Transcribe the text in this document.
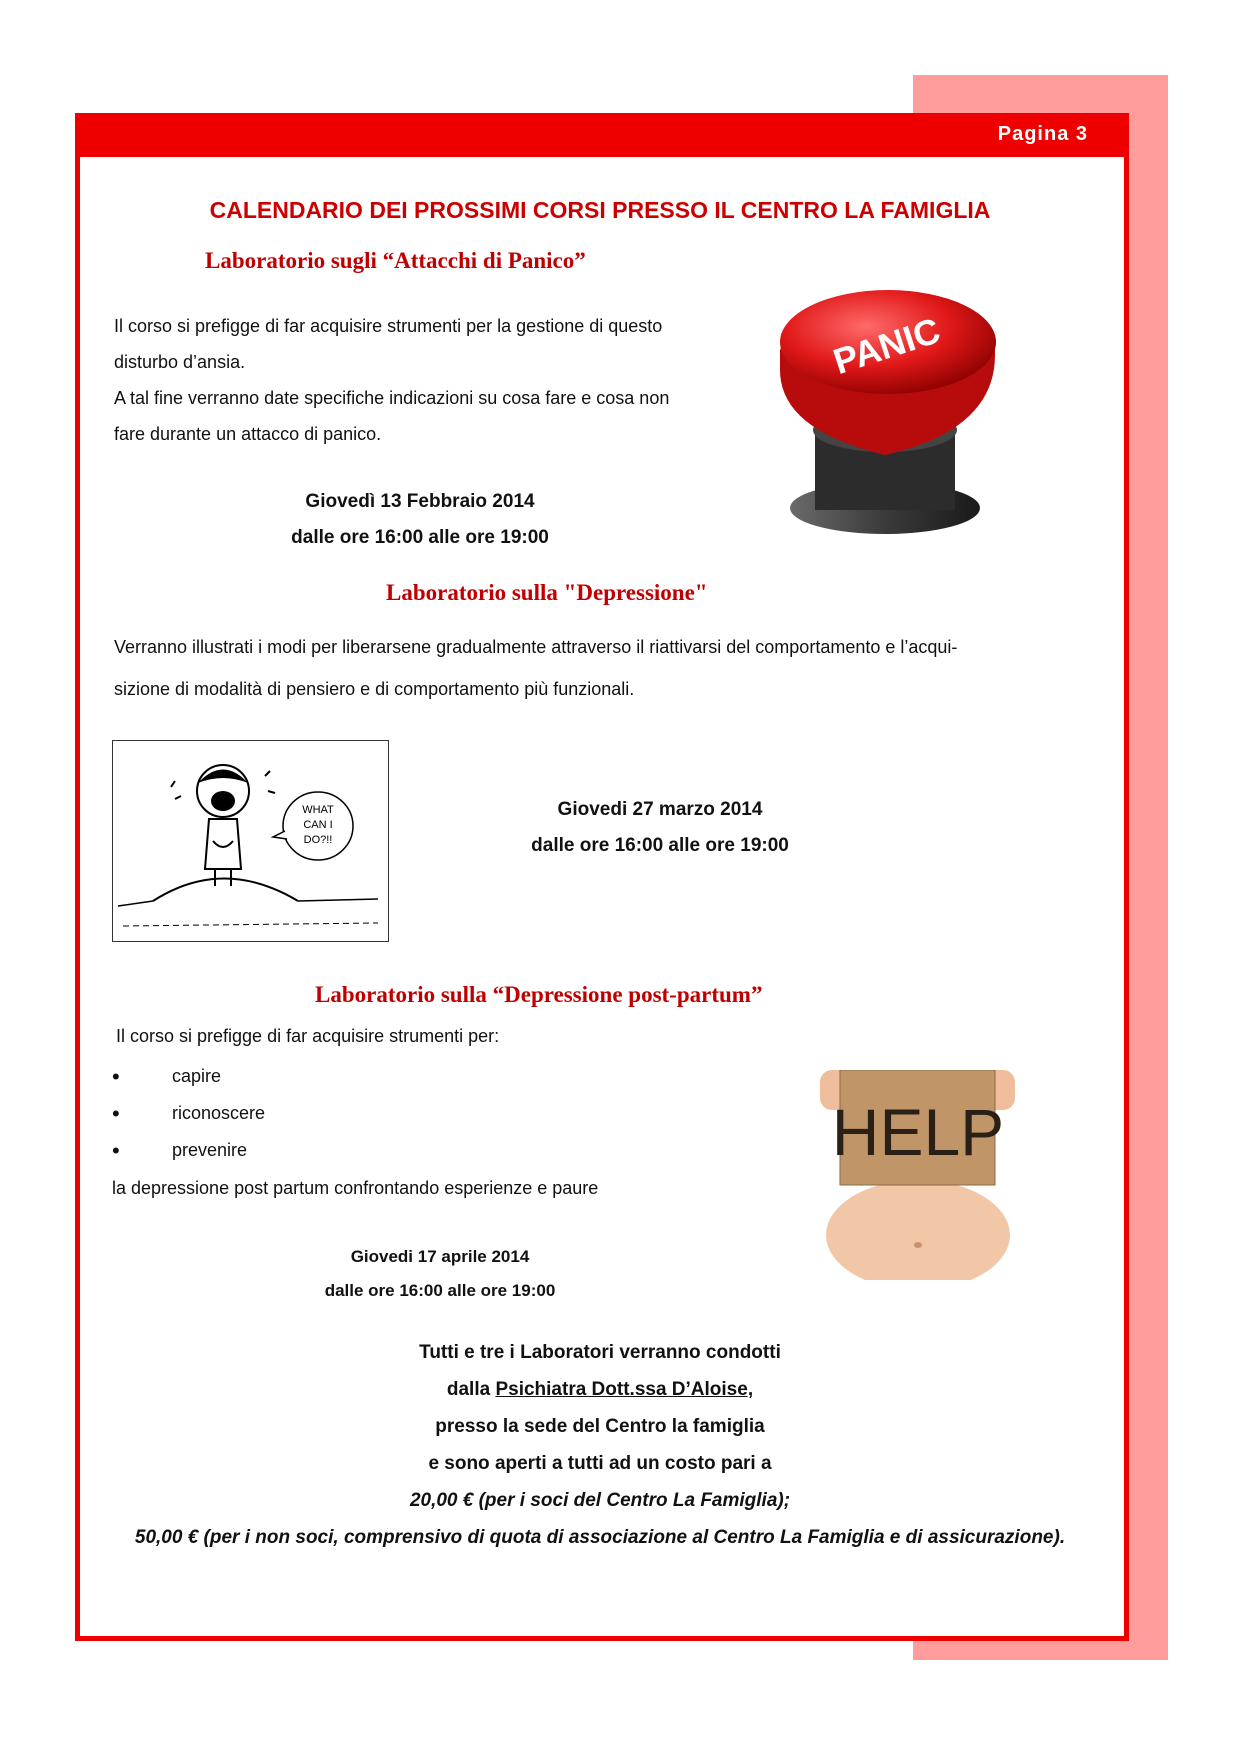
Pagina 3
CALENDARIO DEI PROSSIMI CORSI PRESSO IL CENTRO LA FAMIGLIA
Laboratorio sugli “Attacchi di Panico”
Il corso si prefigge di far acquisire strumenti per la gestione di questo
disturbo d’ansia.
A tal fine verranno date specifiche indicazioni su cosa fare e cosa non
fare durante un attacco di panico.
Giovedì 13 Febbraio 2014
dalle ore 16:00 alle ore 19:00
PANIC
Laboratorio sulla "Depressione"
Verranno illustrati i modi per liberarsene gradualmente attraverso il riattivarsi del comportamento e l’acqui-
sizione di modalità di pensiero e di comportamento più funzionali.
WHAT
CAN I
DO?!!
Giovedi 27 marzo 2014
dalle ore 16:00 alle ore 19:00
Laboratorio sulla “Depressione post-partum”
Il corso si prefigge di far acquisire strumenti per:
• capire
• riconoscere
• prevenire
la depressione post partum confrontando esperienze e paure
Giovedi 17 aprile 2014
dalle ore 16:00 alle ore 19:00
HELP
Tutti e tre i Laboratori verranno condotti
dalla Psichiatra Dott.ssa D’Aloise,
presso la sede del Centro la famiglia
e sono aperti a tutti ad un costo pari a
20,00 € (per i soci del Centro La Famiglia);
50,00 € (per i non soci, comprensivo di quota di associazione al Centro La Famiglia e di assicurazione).
